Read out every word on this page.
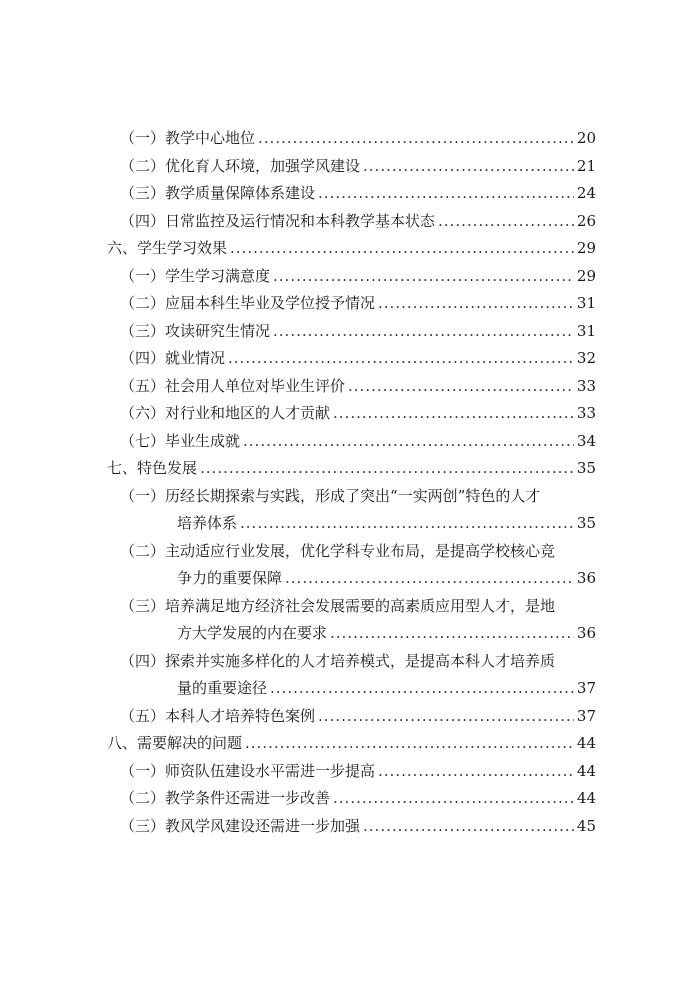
（一）教学中心地位 .....	20
（二）优化育人环境，加强学风建设 .....	21
（三）教学质量保障体系建设 .....	24
（四）日常监控及运行情况和本科教学基本状态 .....	26
六、学生学习效果 .....	29
（一）学生学习满意度 .....	29
（二）应届本科生毕业及学位授予情况 .....	31
（三）攻读研究生情况 .....	31
（四）就业情况 .....	32
（五）社会用人单位对毕业生评价 .....	33
（六）对行业和地区的人才贡献 .....	33
（七）毕业生成就 .....	34
七、特色发展 .....	35
（一）历经长期探索与实践，形成了突出“一实两创”特色的人才
培养体系 .....	35
（二）主动适应行业发展，优化学科专业布局，是提高学校核心竞
争力的重要保障 .....	36
（三）培养满足地方经济社会发展需要的高素质应用型人才，是地
方大学发展的内在要求 .....	36
（四）探索并实施多样化的人才培养模式，是提高本科人才培养质
量的重要途径 .....	37
（五）本科人才培养特色案例 .....	37
八、需要解决的问题 .....	44
（一）师资队伍建设水平需进一步提高 .....	44
（二）教学条件还需进一步改善 .....	44
（三）教风学风建设还需进一步加强 .....	45
